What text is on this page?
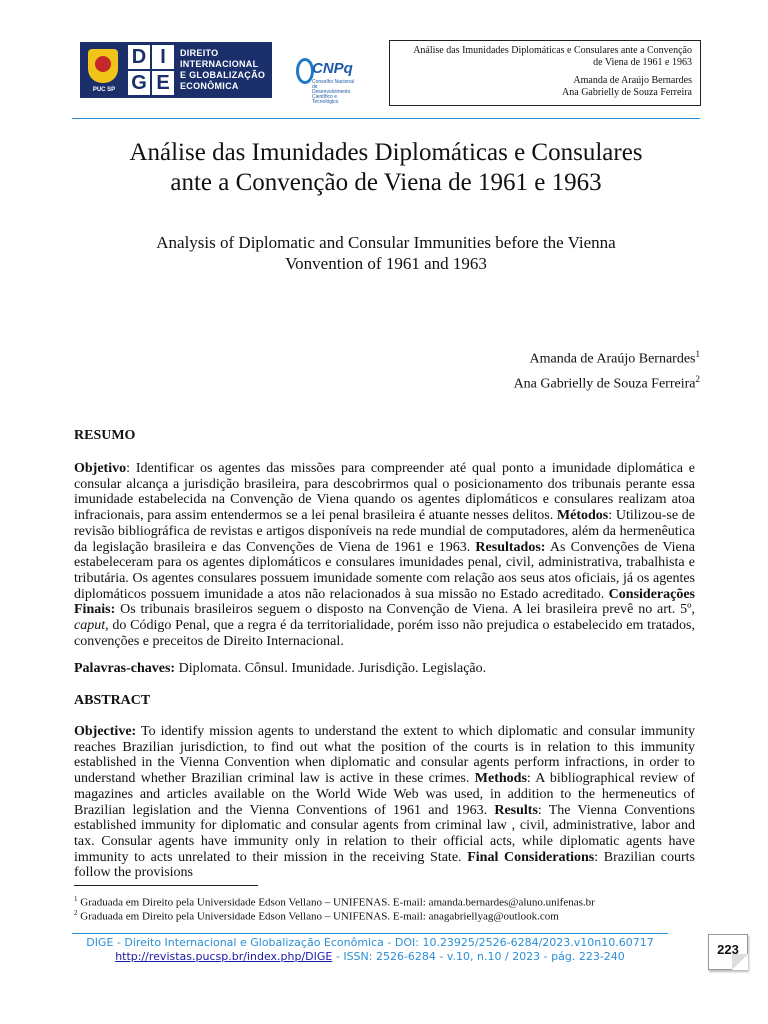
PUC SP
D I
G E
DIREITO
INTERNACIONAL
E GLOBALIZAÇÃO
ECONÔMICA
CNPq
Conselho Nacional de
Desenvolvimento
Científico e Tecnológico
Análise das Imunidades Diplomáticas e Consulares ante a Convenção
de Viena de 1961 e 1963
Amanda de Araújo Bernardes
Ana Gabrielly de Souza Ferreira
Análise das Imunidades Diplomáticas e Consulares
ante a Convenção de Viena de 1961 e 1963
Analysis of Diplomatic and Consular Immunities before the Vienna
Vonvention of 1961 and 1963
Amanda de Araújo Bernardes$^1$
Ana Gabrielly de Souza Ferreira$^2$
RESUMO
Objetivo: Identificar os agentes das missões para compreender até qual ponto a imunidade diplomática e consular alcança a jurisdição brasileira, para descobrirmos qual o posicionamento dos tribunais perante essa imunidade estabelecida na Convenção de Viena quando os agentes diplomáticos e consulares realizam atoa infracionais, para assim entendermos se a lei penal brasileira é atuante nesses delitos. Métodos: Utilizou-se de revisão bibliográfica de revistas e artigos disponíveis na rede mundial de computadores, além da hermenêutica da legislação brasileira e das Convenções de Viena de 1961 e 1963. Resultados: As Convenções de Viena estabeleceram para os agentes diplomáticos e consulares imunidades penal, civil, administrativa, trabalhista e tributária. Os agentes consulares possuem imunidade somente com relação aos seus atos oficiais, já os agentes diplomáticos possuem imunidade a atos não relacionados à sua missão no Estado acreditado. Considerações Finais: Os tribunais brasileiros seguem o disposto na Convenção de Viena. A lei brasileira prevê no art. 5º, caput, do Código Penal, que a regra é da territorialidade, porém isso não prejudica o estabelecido em tratados, convenções e preceitos de Direito Internacional.
Palavras-chaves: Diplomata. Cônsul. Imunidade. Jurisdição. Legislação.
ABSTRACT
Objective: To identify mission agents to understand the extent to which diplomatic and consular immunity reaches Brazilian jurisdiction, to find out what the position of the courts is in relation to this immunity established in the Vienna Convention when diplomatic and consular agents perform infractions, in order to understand whether Brazilian criminal law is active in these crimes. Methods: A bibliographical review of magazines and articles available on the World Wide Web was used, in addition to the hermeneutics of Brazilian legislation and the Vienna Conventions of 1961 and 1963. Results: The Vienna Conventions established immunity for diplomatic and consular agents from criminal law , civil, administrative, labor and tax. Consular agents have immunity only in relation to their official acts, while diplomatic agents have immunity to acts unrelated to their mission in the receiving State. Final Considerations: Brazilian courts follow the provisions
$^1$ Graduada em Direito pela Universidade Edson Vellano – UNIFENAS. E-mail: amanda.bernardes@aluno.unifenas.br
$^2$ Graduada em Direito pela Universidade Edson Vellano – UNIFENAS. E-mail: anagabriellyag@outlook.com
DIGE - Direito Internacional e Globalização Econômica - DOI: 10.23925/2526-6284/2023.v10n10.60717
http://revistas.pucsp.br/index.php/DIGE - ISSN: 2526-6284 - v.10, n.10 / 2023 - pág. 223-240	223
